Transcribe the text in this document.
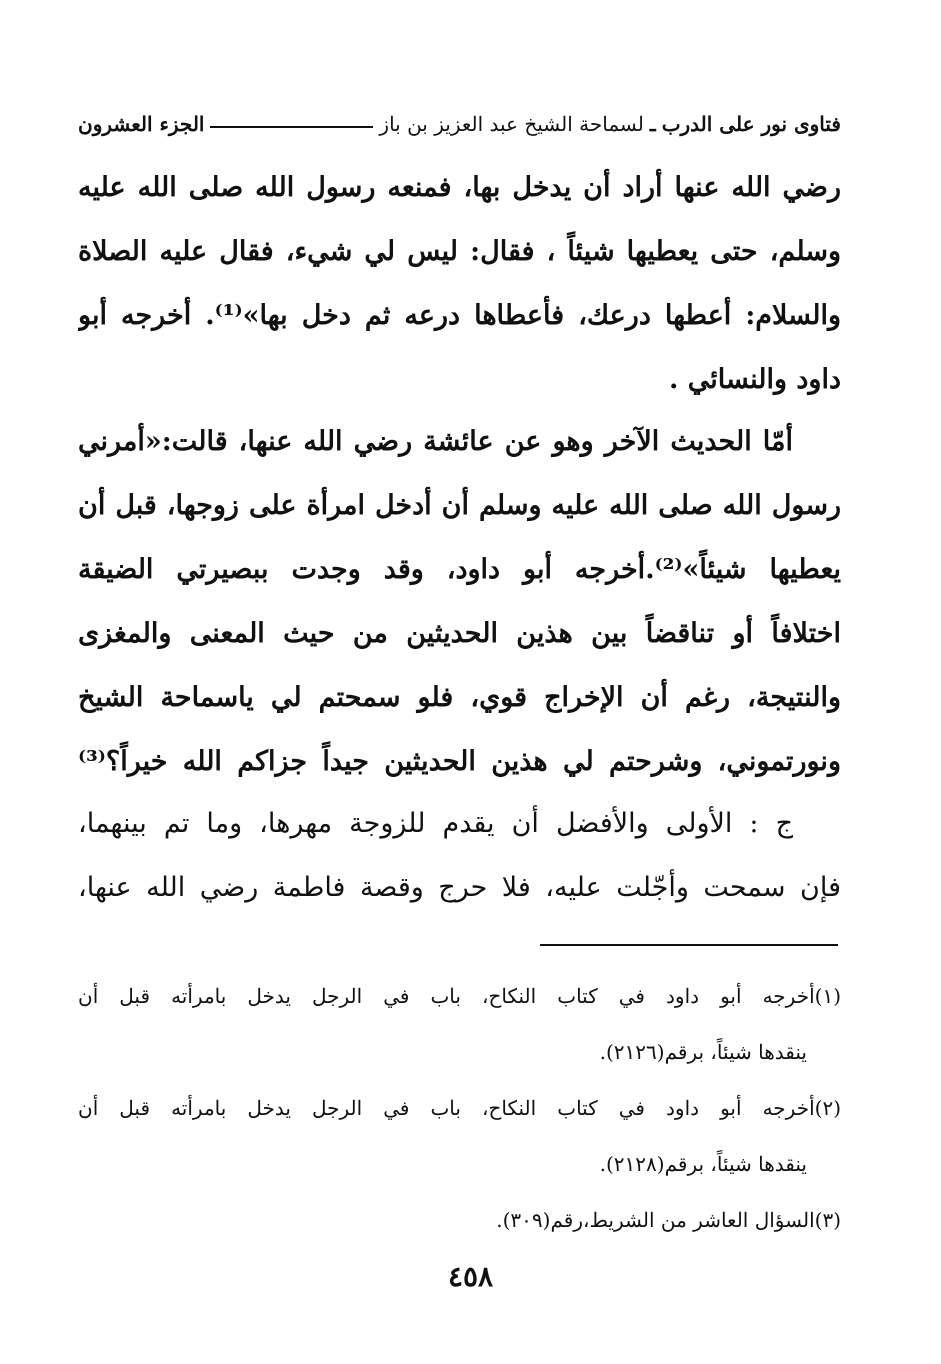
فتاوى نور على الدرب
ـ
لسماحة الشيخ عبد العزيز بن باز
الجزء العشرون
رضي الله عنها أراد أن يدخل بها، فمنعه رسول الله صلى الله عليه
وسلم، حتى يعطيها شيئاً ، فقال: ليس لي شيء، فقال عليه الصلاة
والسلام: أعطها درعك، فأعطاها درعه ثم دخل بها»⁽¹⁾. أخرجه أبو
داود والنسائي .
أمّا الحديث الآخر وهو عن عائشة رضي الله عنها، قالت:«أمرني
رسول الله صلى الله عليه وسلم أن أدخل امرأة على زوجها، قبل أن
يعطيها شيئاً»⁽²⁾.أخرجه أبو داود، وقد وجدت ببصيرتي الضيقة
اختلافاً أو تناقضاً بين هذين الحديثين من حيث المعنى والمغزى
والنتيجة، رغم أن الإخراج قوي، فلو سمحتم لي ياسماحة الشيخ
ونورتموني، وشرحتم لي هذين الحديثين جيداً جزاكم الله خيراً؟⁽³⁾
ج : الأولى والأفضل أن يقدم للزوجة مهرها، وما تم بينهما،
فإن سمحت وأجّلت عليه، فلا حرج وقصة فاطمة رضي الله عنها،
(١)أخرجه أبو داود في كتاب النكاح، باب في الرجل يدخل بامرأته قبل أن
ينقدها شيئاً، برقم(٢١٢٦).
(٢)أخرجه أبو داود في كتاب النكاح، باب في الرجل يدخل بامرأته قبل أن
ينقدها شيئاً، برقم(٢١٢٨).
(٣)السؤال العاشر من الشريط،رقم(٣٠٩).
٤٥٨
